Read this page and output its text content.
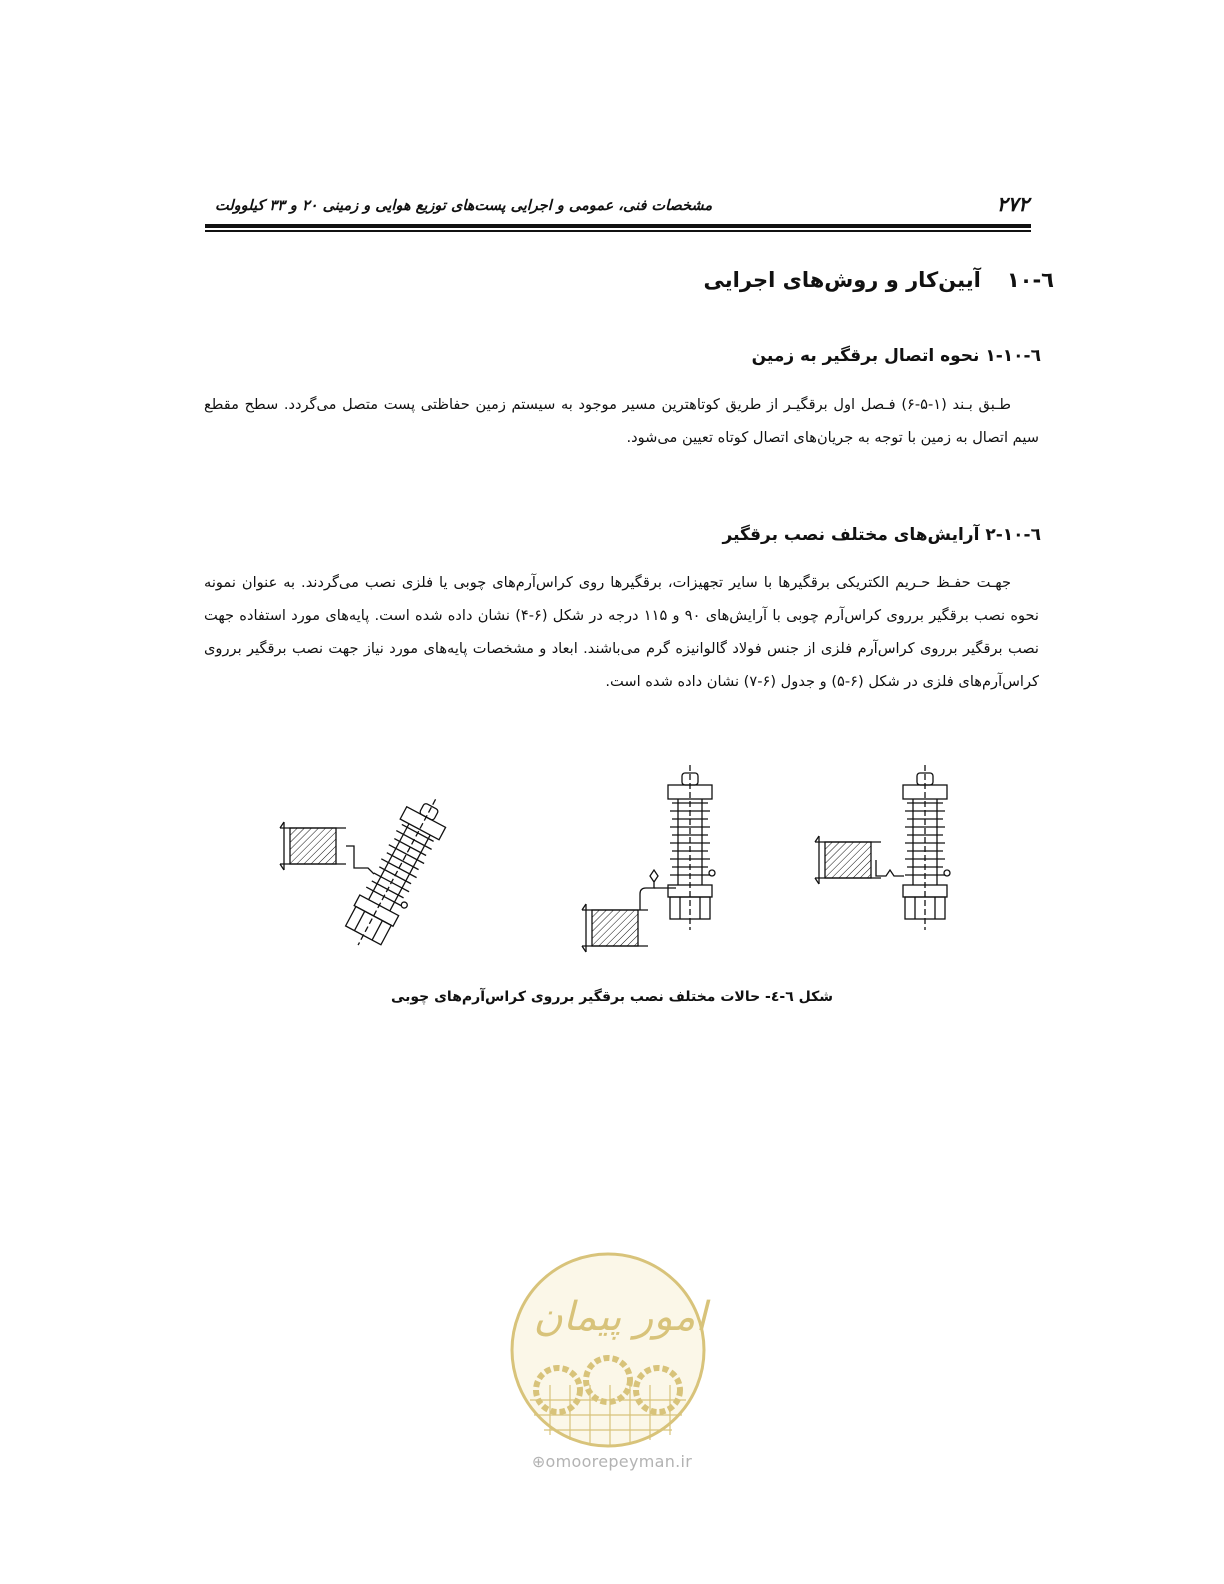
۲۷۲
مشخصات فنی، عمومی و اجرایی پست‌های توزیع هوایی و زمینی ۲۰ و ۳۳ کیلوولت
٦-١٠آیین‌کار و روش‌های اجرایی
٦-١٠-١ نحوه اتصال برقگیر به زمین
طـبق بـند (۱-۵-۶) فـصل اول برقگیـر از طریق کوتاهترین مسیر موجود به سیستم زمین حفاظتی پست متصل می‌گردد. سطح مقطع سیم اتصال به زمین با توجه به جریان‌های اتصال کوتاه تعیین می‌شود.
٦-١٠-٢ آرایش‌های مختلف نصب برقگیر
جهـت حفـظ حـریم الکتریکی برقگیرها با سایر تجهیزات، برقگیرها روی کراس‌آرم‌های چوبی یا فلزی نصب می‌گردند. به عنوان نمونه نحوه نصب برقگیر برروی کراس‌آرم چوبی با آرایش‌های ۹۰ و ۱۱۵ درجه در شکل (۶-۴) نشان داده شده است. پایه‌های مورد استفاده جهت نصب برقگیر برروی کراس‌آرم فلزی از جنس فولاد گالوانیزه گرم می‌باشند. ابعاد و مشخصات پایه‌های مورد نیاز جهت نصب برقگیر برروی کراس‌آرم‌های فلزی در شکل (۶-۵) و جدول (۶-۷) نشان داده شده است.
شکل ٦-٤- حالات مختلف نصب برقگیر برروی کراس‌آرم‌های چوبی
امور پیمان
⊕omoorepeyman.ir
